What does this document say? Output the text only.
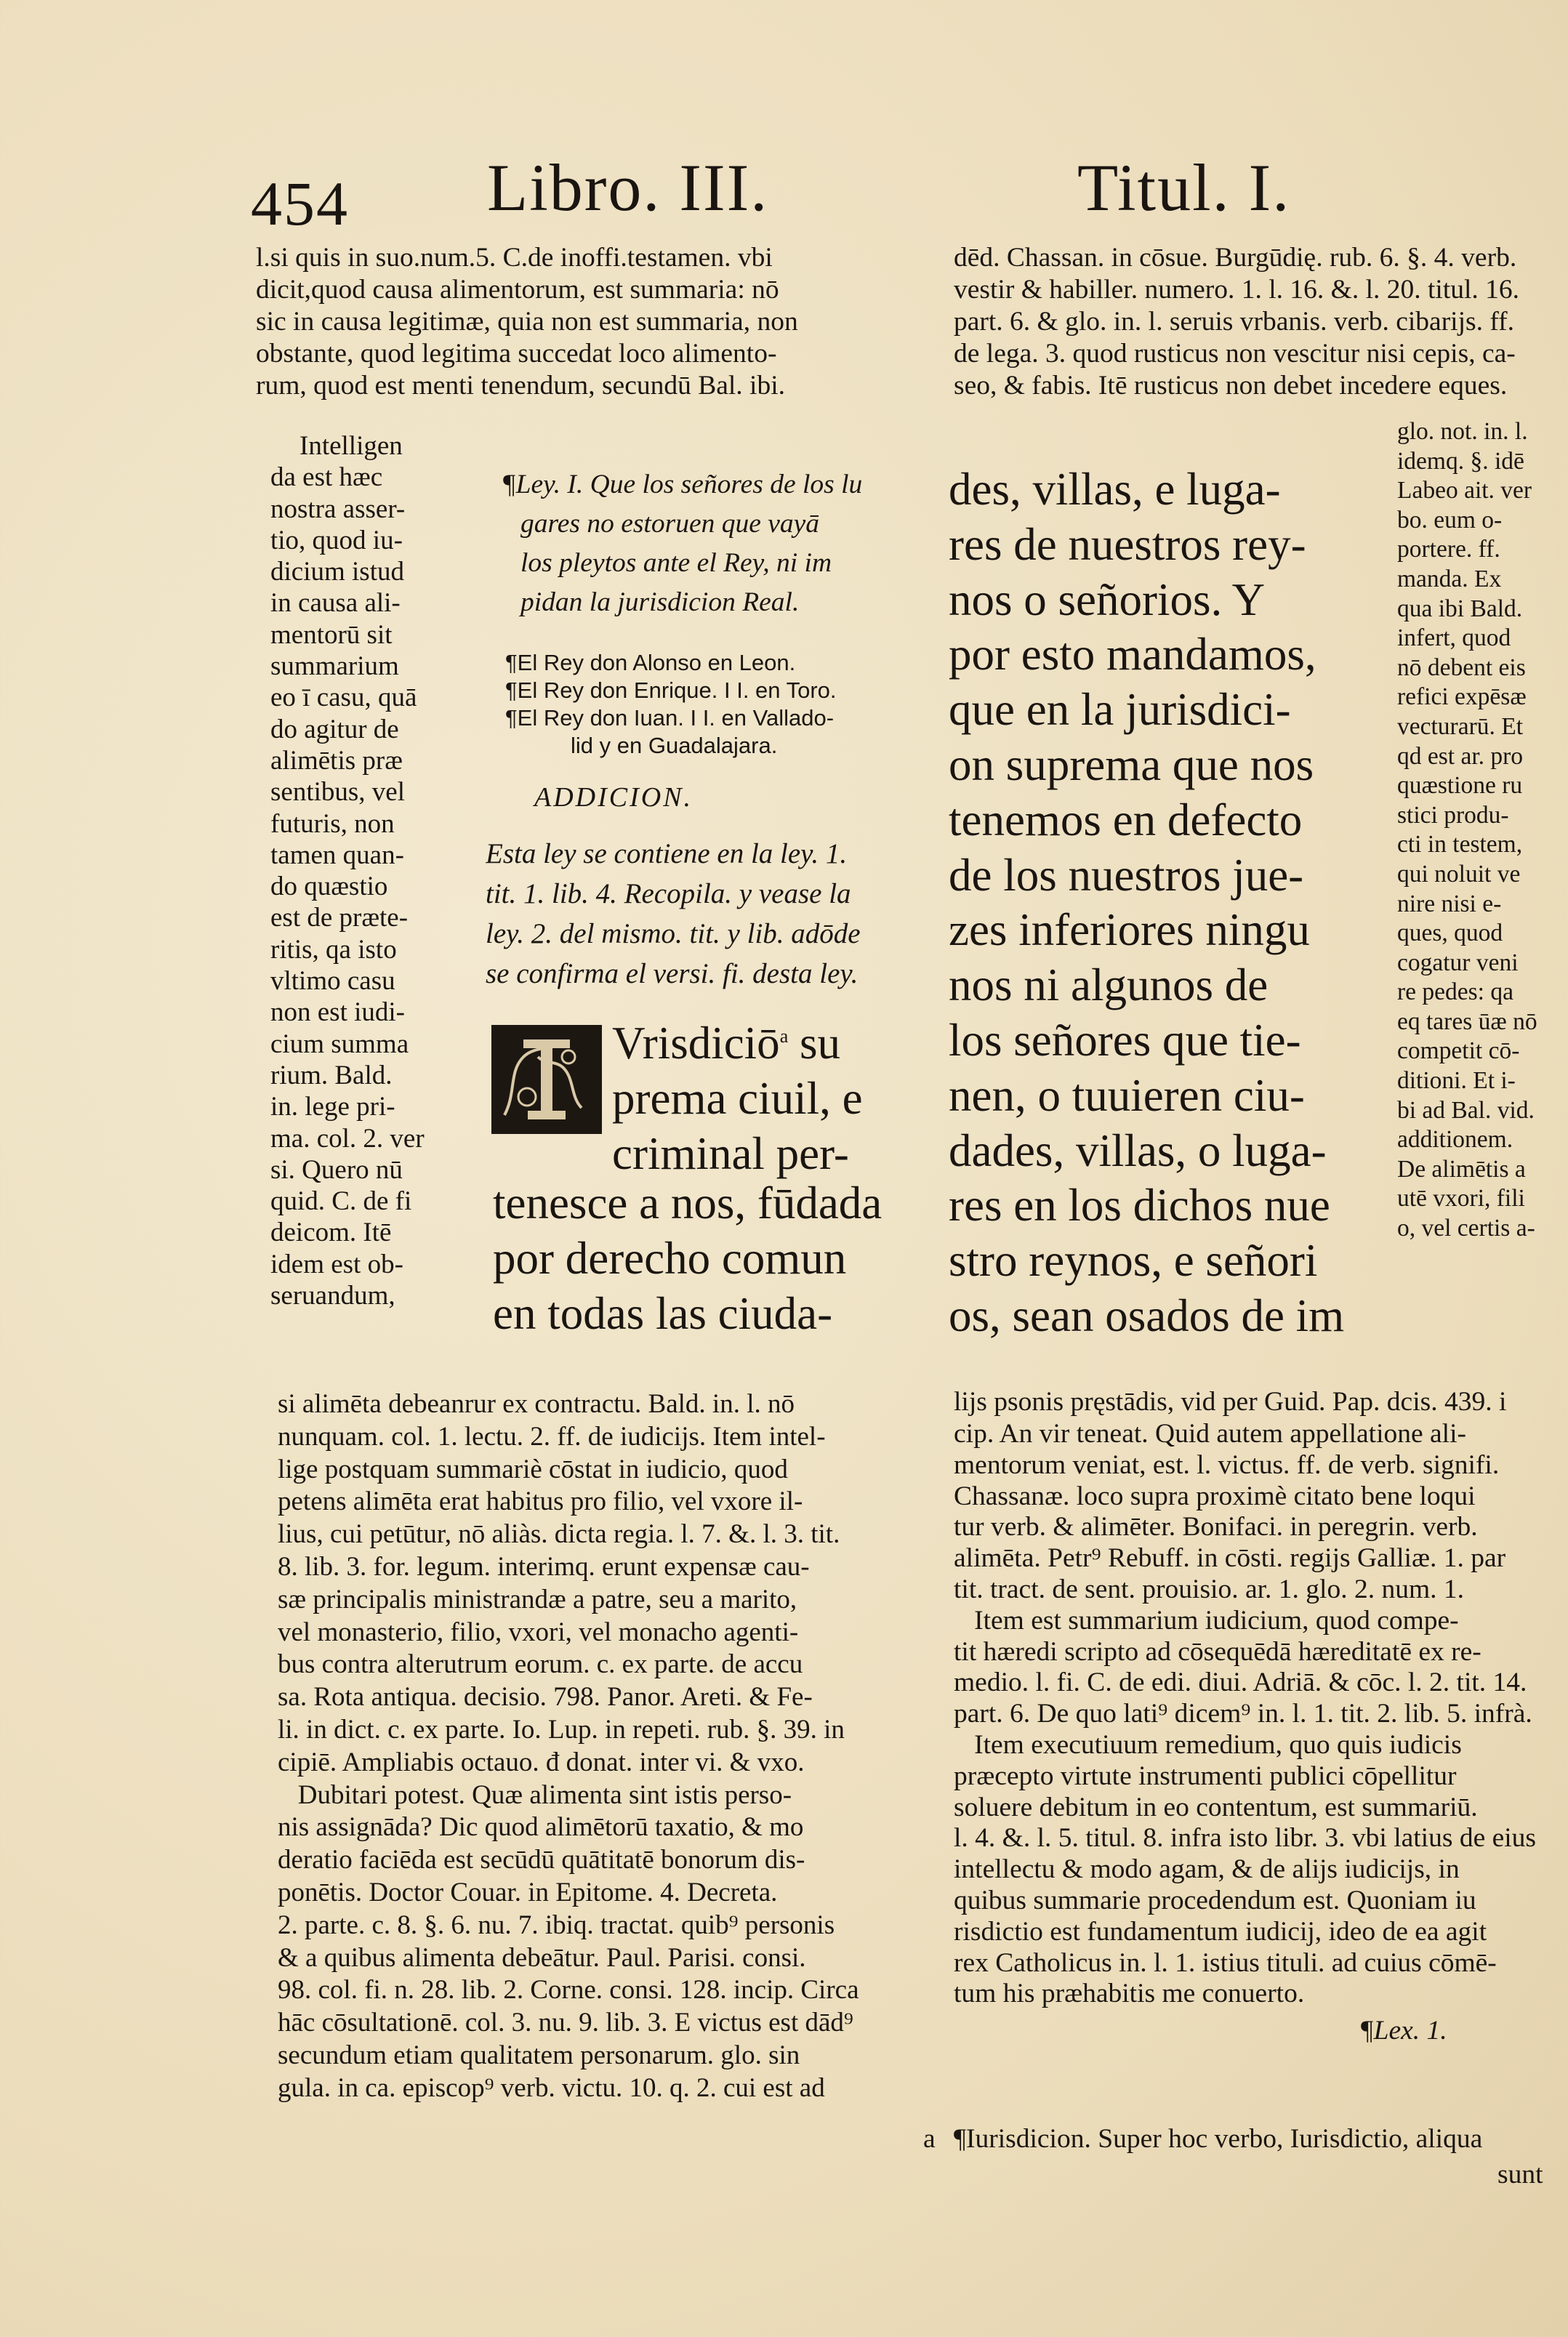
454 Libro. III.	Titul. I.
l.si quis in suo.num.5. C.de inoffi.testamen. vbi
dicit,quod causa alimentorum, est summaria: nō
sic in causa legitimæ, quia non est summaria, non
obstante, quod legitima succedat loco alimento-
rum, quod est menti tenendum, secundū Bal. ibi.
dēd. Chassan. in cōsue. Burgūdię. rub. 6. §. 4. verb.
vestir & habiller. numero. 1. l. 16. &. l. 20. titul. 16.
part. 6. & glo. in. l. seruis vrbanis. verb. cibarijs. ff.
de lega. 3. quod rusticus non vescitur nisi cepis, ca-
seo, & fabis. Itē rusticus non debet incedere eques.
Intelligen
da est hæc
nostra asser-
tio, quod iu-
dicium istud
in causa ali-
mentorū sit
summarium
eo ī casu, quā
do agitur de
alimētis præ
sentibus, vel
futuris, non
tamen quan-
do quæstio
est de præte-
ritis, qa isto
vltimo casu
non est iudi-
cium summa
rium. Bald.
in. lege pri-
ma. col. 2. ver
si. Quero nū
quid. C. de fi
deicom. Itē
idem est ob-
seruandum,
¶Ley. I. Que los señores de los lu
gares no estoruen que vayā
los pleytos ante el Rey, ni im
pidan la jurisdicion Real.
¶El Rey don Alonso en Leon.
¶El Rey don Enrique. I I. en Toro.
¶El Rey don Iuan. I I. en Vallado-
lid y en Guadalajara.
ADDICION.
Esta ley se contiene en la ley. 1.
tit. 1. lib. 4. Recopila. y vease la
ley. 2. del mismo. tit. y lib. adōde
se confirma el versi. fi. desta ley.
Vrisdiciō$^a$ su
prema ciuil, e
criminal per-
tenesce a nos, fūdada
por derecho comun
en todas las ciuda-
des, villas, e luga-
res de nuestros rey-
nos o señorios. Y
por esto mandamos,
que en la jurisdici-
on suprema que nos
tenemos en defecto
de los nuestros jue-
zes inferiores ningu
nos ni algunos de
los señores que tie-
nen, o tuuieren ciu-
dades, villas, o luga-
res en los dichos nue
stro reynos, e señori
os, sean osados de im
glo. not. in. l.
idemq. §. idē
Labeo ait. ver
bo. eum o-
portere. ff.
manda. Ex
qua ibi Bald.
infert, quod
nō debent eis
refici expēsæ
vecturarū. Et
qd est ar. pro
quæstione ru
stici produ-
cti in testem,
qui noluit ve
nire nisi e-
ques, quod
cogatur veni
re pedes: qa
eq tares ūæ nō
competit cō-
ditioni. Et i-
bi ad Bal. vid.
additionem.
De alimētis a
utē vxori, fili
o, vel certis a-
lijs psonis pręstādis, vid per Guid. Pap. dcis. 439. i
si alimēta debeanrur ex contractu. Bald. in. l. nō
nunquam. col. 1. lectu. 2. ff. de iudicijs. Item intel-
lige postquam summariè cōstat in iudicio, quod
petens alimēta erat habitus pro filio, vel vxore il-
lius, cui petūtur, nō aliàs. dicta regia. l. 7. &. l. 3. tit.
8. lib. 3. for. legum. interimq. erunt expensæ cau-
sæ principalis ministrandæ a patre, seu a marito,
vel monasterio, filio, vxori, vel monacho agenti-
bus contra alterutrum eorum. c. ex parte. de accu
sa. Rota antiqua. decisio. 798. Panor. Areti. & Fe-
li. in dict. c. ex parte. Io. Lup. in repeti. rub. §. 39. in
cipiē. Ampliabis octauo. đ donat. inter vi. & vxo.
Dubitari potest. Quæ alimenta sint istis perso-
nis assignāda? Dic quod alimētorū taxatio, & mo
deratio faciēda est secūdū quātitatē bonorum dis-
ponētis. Doctor Couar. in Epitome. 4. Decreta.
2. parte. c. 8. §. 6. nu. 7. ibiq. tractat. quib⁹ personis
& a quibus alimenta debeātur. Paul. Parisi. consi.
98. col. fi. n. 28. lib. 2. Corne. consi. 128. incip. Circa
hāc cōsultationē. col. 3. nu. 9. lib. 3. E victus est dād⁹
secundum etiam qualitatem personarum. glo. sin
gula. in ca. episcop⁹ verb. victu. 10. q. 2. cui est ad
cip. An vir teneat. Quid autem appellatione ali-
mentorum veniat, est. l. victus. ff. de verb. signifi.
Chassanæ. loco supra proximè citato bene loqui
tur verb. & alimēter. Bonifaci. in peregrin. verb.
alimēta. Petr⁹ Rebuff. in cōsti. regijs Galliæ. 1. par
tit. tract. de sent. prouisio. ar. 1. glo. 2. num. 1.
Item est summarium iudicium, quod compe-
tit hæredi scripto ad cōsequēdā hæreditatē ex re-
medio. l. fi. C. de edi. diui. Adriā. & cōc. l. 2. tit. 14.
part. 6. De quo lati⁹ dicem⁹ in. l. 1. tit. 2. lib. 5. infrà.
Item executiuum remedium, quo quis iudicis
præcepto virtute instrumenti publici cōpellitur
soluere debitum in eo contentum, est summariū.
l. 4. &. l. 5. titul. 8. infra isto libr. 3. vbi latius de eius
intellectu & modo agam, & de alijs iudicijs, in
quibus summarie procedendum est. Quoniam iu
risdictio est fundamentum iudicij, ideo de ea agit
rex Catholicus in. l. 1. istius tituli. ad cuius cōmē-
tum his præhabitis me conuerto.
¶Lex. 1.
a ¶Iurisdicion. Super hoc verbo, Iurisdictio, aliqua
sunt
